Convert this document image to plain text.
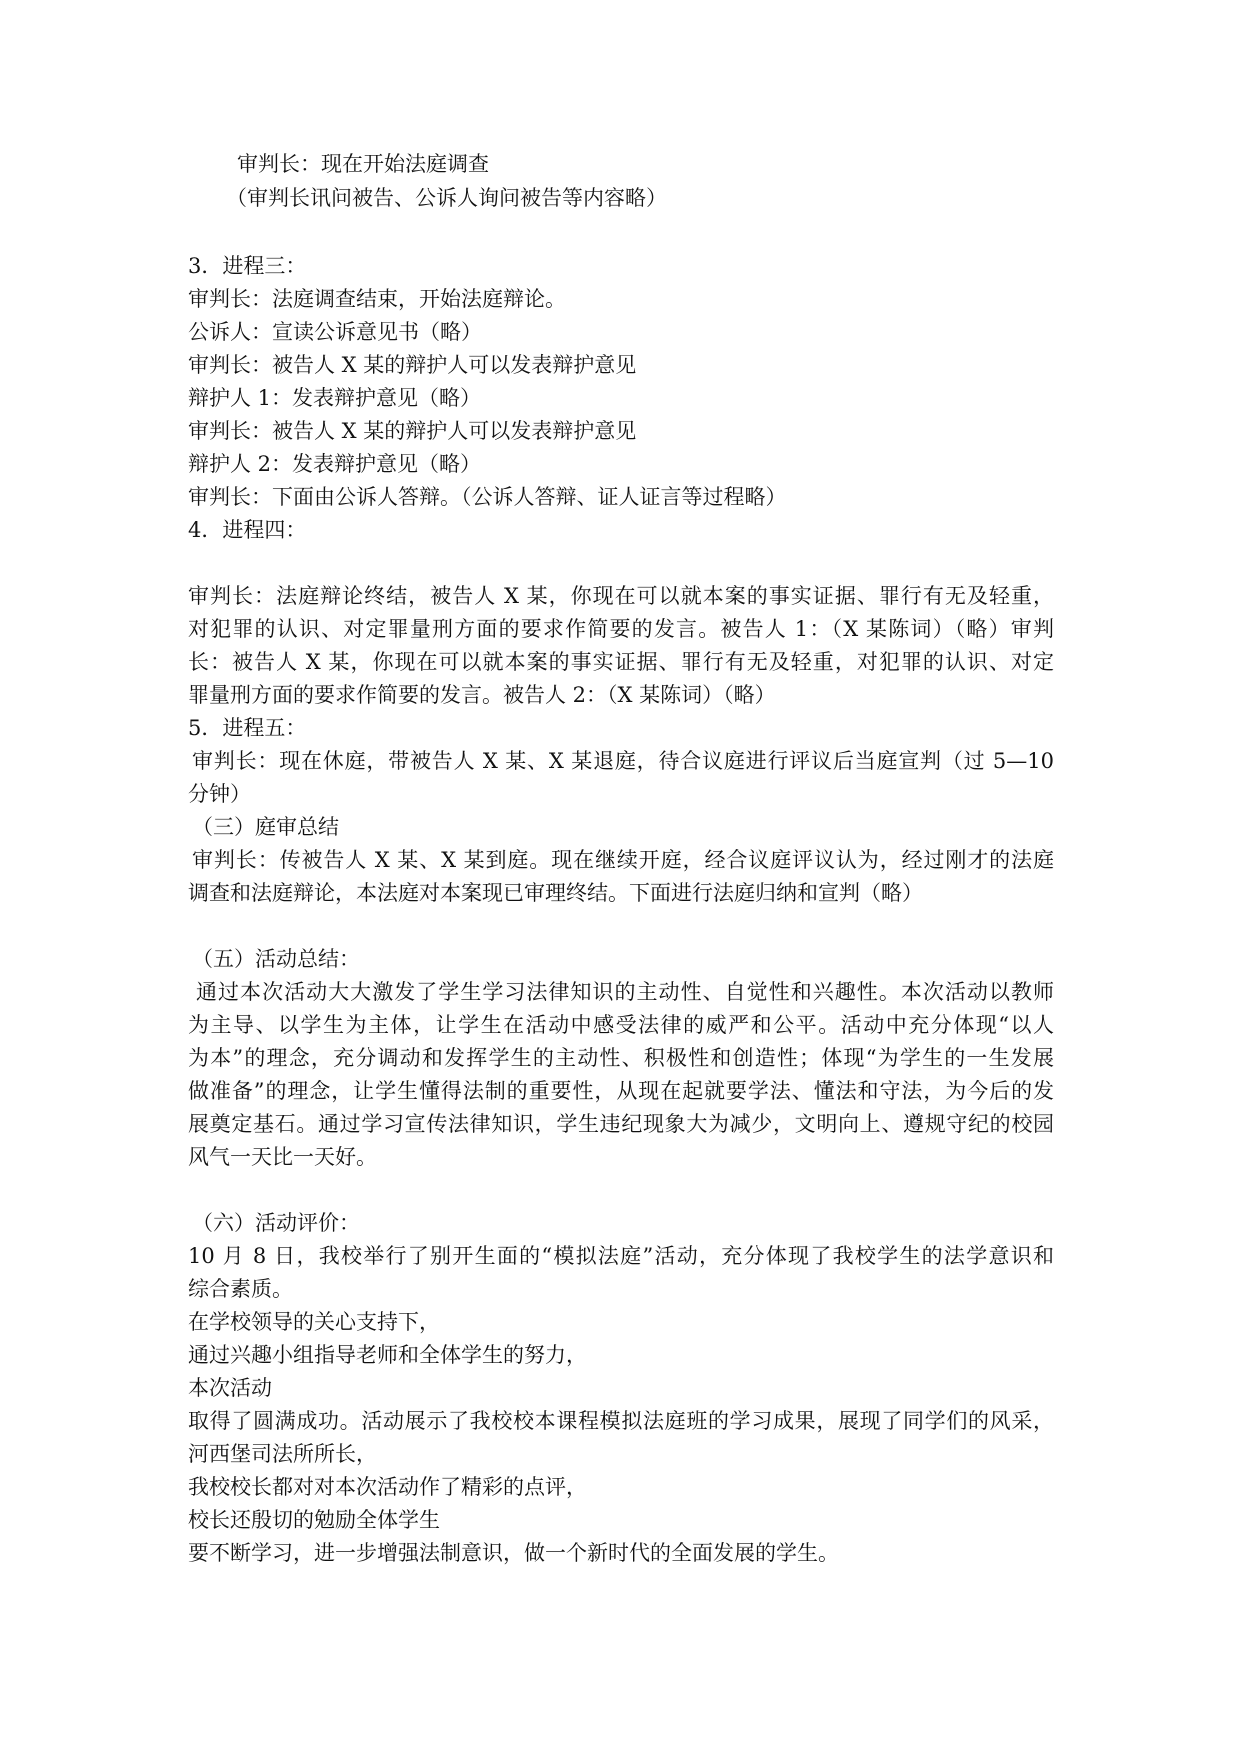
审判长：现在开始法庭调查
（审判长讯问被告、公诉人询问被告等内容略）
3．进程三：
审判长：法庭调查结束，开始法庭辩论。
公诉人：宣读公诉意见书（略）
审判长：被告人 X 某的辩护人可以发表辩护意见
辩护人 1：发表辩护意见（略）
审判长：被告人 X 某的辩护人可以发表辩护意见
辩护人 2：发表辩护意见（略）
审判长：下面由公诉人答辩。（公诉人答辩、证人证言等过程略）
4．进程四：
审判长：法庭辩论终结，被告人 X 某，你现在可以就本案的事实证据、罪行有无及轻重，
对犯罪的认识、对定罪量刑方面的要求作简要的发言。被告人 1：（X 某陈词）（略）审判
长：被告人 X 某，你现在可以就本案的事实证据、罪行有无及轻重，对犯罪的认识、对定
罪量刑方面的要求作简要的发言。被告人 2：（X 某陈词）（略）
5．进程五：
审判长：现在休庭，带被告人 X 某、X 某退庭，待合议庭进行评议后当庭宣判（过 5—10
分钟）
（三）庭审总结
审判长：传被告人 X 某、X 某到庭。现在继续开庭，经合议庭评议认为，经过刚才的法庭
调查和法庭辩论，本法庭对本案现已审理终结。下面进行法庭归纳和宣判（略）
（五）活动总结：
通过本次活动大大激发了学生学习法律知识的主动性、自觉性和兴趣性。本次活动以教师
为主导、以学生为主体，让学生在活动中感受法律的威严和公平。活动中充分体现“以人
为本”的理念，充分调动和发挥学生的主动性、积极性和创造性；体现“为学生的一生发展
做准备”的理念，让学生懂得法制的重要性，从现在起就要学法、懂法和守法，为今后的发
展奠定基石。通过学习宣传法律知识，学生违纪现象大为减少，文明向上、遵规守纪的校园
风气一天比一天好。
（六）活动评价：
10 月 8 日，我校举行了别开生面的“模拟法庭”活动，充分体现了我校学生的法学意识和
综合素质。
在学校领导的关心支持下，
通过兴趣小组指导老师和全体学生的努力，
本次活动
取得了圆满成功。活动展示了我校校本课程模拟法庭班的学习成果，展现了同学们的风采，
河西堡司法所所长，
我校校长都对对本次活动作了精彩的点评，
校长还殷切的勉励全体学生
要不断学习，进一步增强法制意识，做一个新时代的全面发展的学生。
